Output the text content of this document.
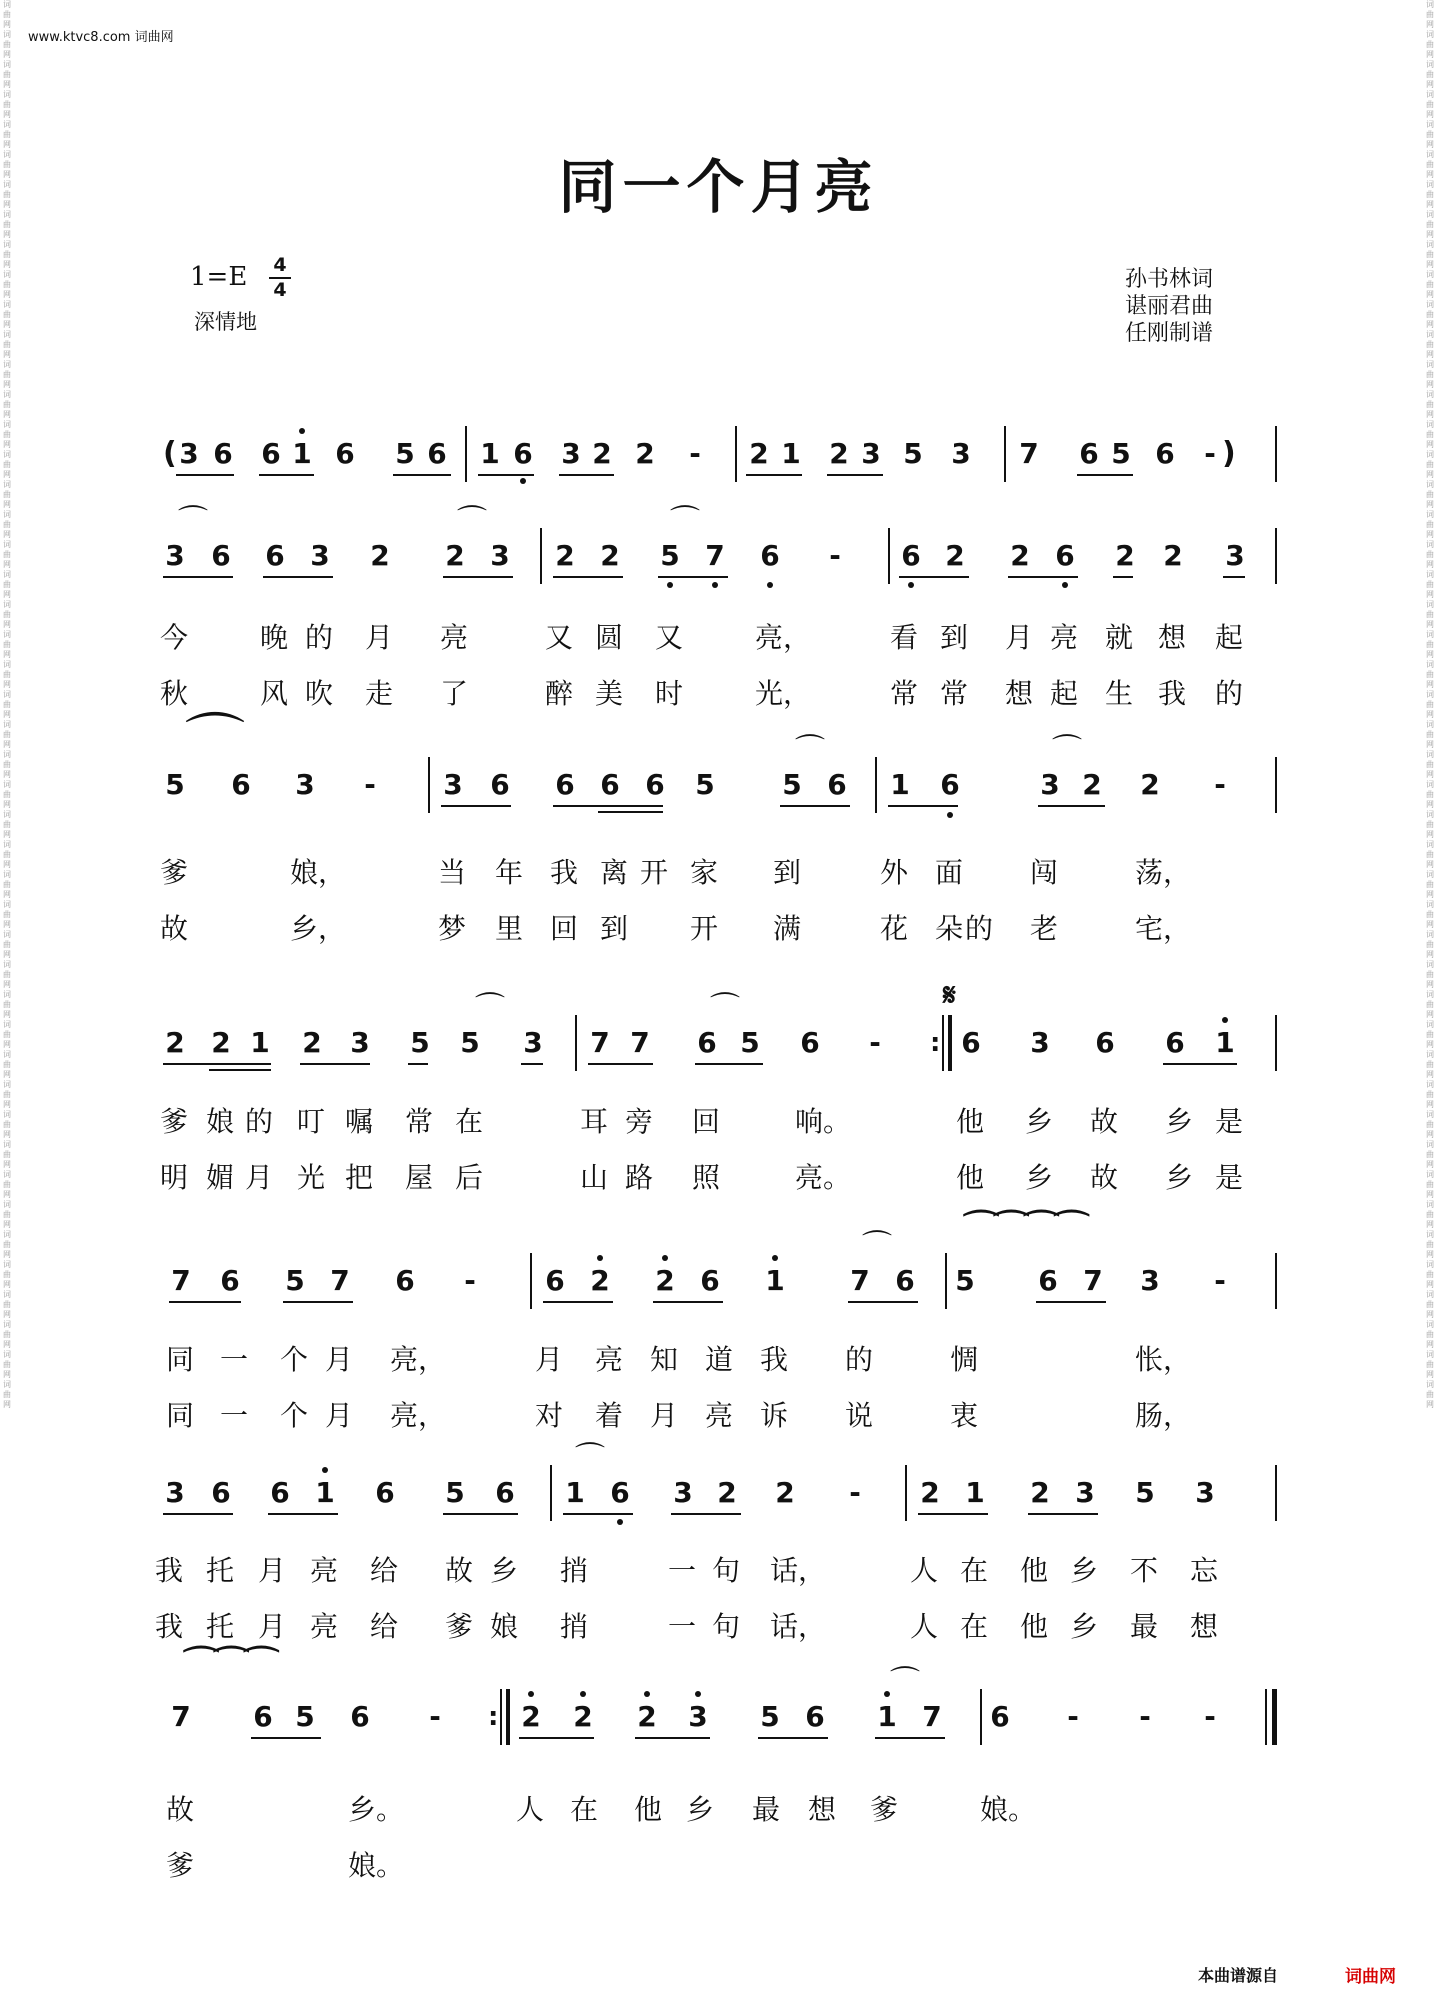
www.ktvc8.com 词曲网
词曲网词曲网词曲网词曲网词曲网词曲网词曲网词曲网词曲网词曲网词曲网词曲网词曲网词曲网词曲网词曲网词曲网词曲网词曲网词曲网词曲网词曲网词曲网词曲网词曲网词曲网词曲网词曲网词曲网词曲网词曲网词曲网词曲网词曲网词曲网词曲网词曲网词曲网词曲网词曲网词曲网词曲网词曲网词曲网词曲网词曲网词曲网
词曲网词曲网词曲网词曲网词曲网词曲网词曲网词曲网词曲网词曲网词曲网词曲网词曲网词曲网词曲网词曲网词曲网词曲网词曲网词曲网词曲网词曲网词曲网词曲网词曲网词曲网词曲网词曲网词曲网词曲网词曲网词曲网词曲网词曲网词曲网词曲网词曲网词曲网词曲网词曲网词曲网词曲网词曲网词曲网词曲网词曲网词曲网
同一个月亮
1=E	4
4
深情地
孙书林词
谌丽君曲
任刚制谱
( 3 6 6 1 6 5 6 1 6 3 2 2	-	2 1 2 3 5 3 7 6 5 6	- )
⌒
3 6 6 3 2
⌒
2 3 2 2
⌒
5 7 6	-	6 2 2 6 2 2 3
今	晚 的 月 亮	又 圆 又	亮，	看 到 月 亮 就 想 起
秋	风 吹 走 了	醉 美 时	光，	常 常 想 起 生 我 的
⌒
5 6 3	-	3 6 6 6 6 5
⌒
5 6 1 6
⌒
3 2 2	-
爹	娘，	当 年 我 离 开 家 到	外 面 闯	荡，
故	乡，	梦 里 回 到 开 满	花 朵 的 老	宅，
𝄋
2 2 1 2 3 5
⌒
5 3 7 7
⌒
6 5 6	-	: 6 3 6 6 1
爹 娘 的 叮 嘱 常 在	耳 旁 回	响。	他 乡 故 乡 是
明 媚 月 光 把 屋 后	山 路 照	亮。	他 乡 故 乡 是
7 6 5 7 6	-	6 2 2 6 1
⌒
7 6
⁀⁀⁀⁀
5 6 7 3	-
同 一 个 月 亮，	月 亮 知 道 我 的	惆	怅，
同 一 个 月 亮，	对 着 月 亮 诉 说	衷	肠，
3 6 6 1 6 5 6
⌒
1 6 3 2 2	-	2 1 2 3 5 3
我 托 月 亮 给 故 乡 捎	一 句 话，	人 在 他 乡 不 忘
我 托 月 亮 给 爹 娘 捎	一 句 话，	人 在 他 乡 最 想
⁀⁀⁀
7 6 5 6	-	: 2 2 2 3 5 6
⌒
1 7 6	-	-	-
故	乡。	人 在 他 乡 最 想 爹	娘。
爹	娘。
本曲谱源自	词曲网
